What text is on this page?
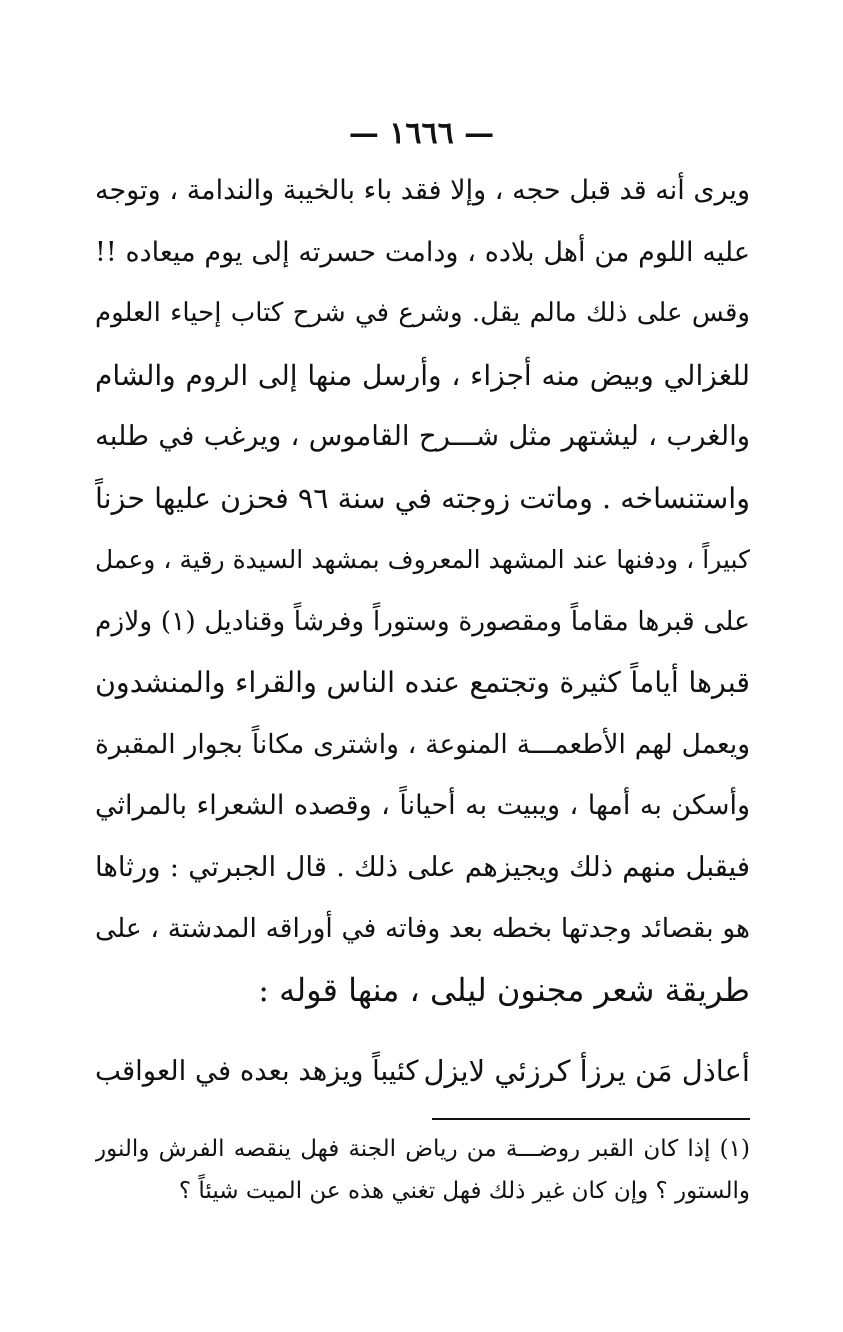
— ١٦٦٦ —
ويرى أنه قد قبل حجه ، وإلا فقد باء بالخيبة والندامة ، وتوجه
عليه اللوم من أهل بلاده ، ودامت حسرته إلى يوم ميعاده !!
وقس على ذلك مالم يقل. وشرع في شرح كتاب إحياء العلوم
للغزالي وبيض منه أجزاء ، وأرسل منها إلى الروم والشام
والغرب ، ليشتهر مثل شـــرح القاموس ، ويرغب في طلبه
واستنساخه . وماتت زوجته في سنة ٩٦ فحزن عليها حزناً
كبيراً ، ودفنها عند المشهد المعروف بمشهد السيدة رقية ، وعمل
على قبرها مقاماً ومقصورة وستوراً وفرشاً وقناديل (١) ولازم
قبرها أياماً كثيرة وتجتمع عنده الناس والقراء والمنشدون
ويعمل لهم الأطعمـــة المنوعة ، واشترى مكاناً بجوار المقبرة
وأسكن به أمها ، ويبيت به أحياناً ، وقصده الشعراء بالمراثي
فيقبل منهم ذلك ويجيزهم على ذلك . قال الجبرتي : ورثاها
هو بقصائد وجدتها بخطه بعد وفاته في أوراقه المدشتة ، على
طريقة شعر مجنون ليلى ، منها قوله :
أعاذل مَن يرزأ كرزئي لايزل
كئيباً ويزهد بعده في العواقب
(١) إذا كان القبر روضـــة من رياض الجنة فهل ينقصه الفرش والنور
والستور ؟ وإن كان غير ذلك فهل تغني هذه عن الميت شيئاً ؟
